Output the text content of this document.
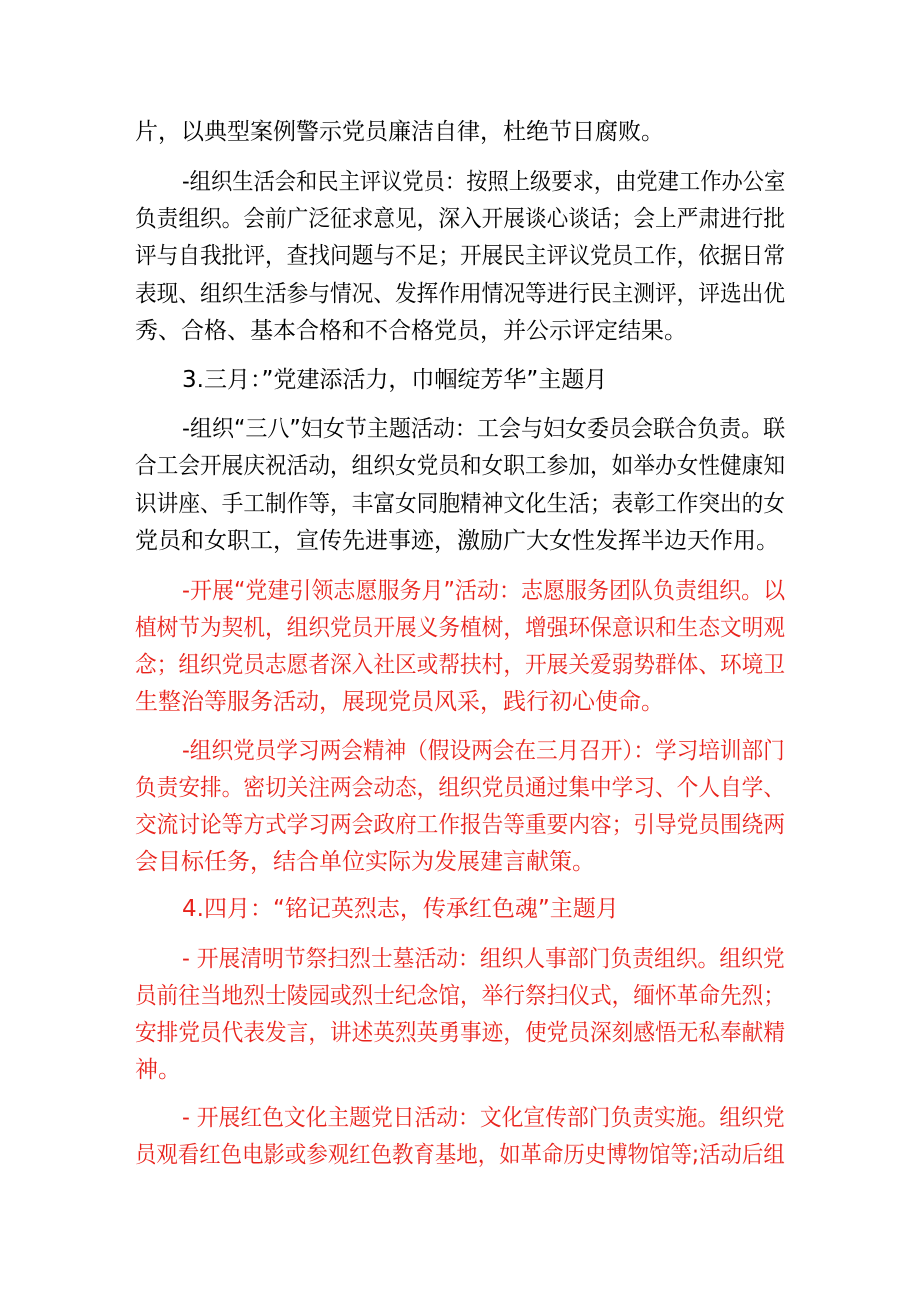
片，以典型案例警示党员廉洁自律，杜绝节日腐败。
-组织生活会和民主评议党员：按照上级要求，由党建工作办公室
负责组织。会前广泛征求意见，深入开展谈心谈话；会上严肃进行批
评与自我批评，查找问题与不足；开展民主评议党员工作，依据日常
表现、组织生活参与情况、发挥作用情况等进行民主测评，评选出优
秀、合格、基本合格和不合格党员，并公示评定结果。
3.三月：”党建添活力，巾帼绽芳华”主题月
-组织“三八”妇女节主题活动：工会与妇女委员会联合负责。联
合工会开展庆祝活动，组织女党员和女职工参加，如举办女性健康知
识讲座、手工制作等，丰富女同胞精神文化生活；表彰工作突出的女
党员和女职工，宣传先进事迹，激励广大女性发挥半边天作用。
-开展“党建引领志愿服务月”活动：志愿服务团队负责组织。以
植树节为契机，组织党员开展义务植树，增强环保意识和生态文明观
念；组织党员志愿者深入社区或帮扶村，开展关爱弱势群体、环境卫
生整治等服务活动，展现党员风采，践行初心使命。
-组织党员学习两会精神（假设两会在三月召开）：学习培训部门
负责安排。密切关注两会动态，组织党员通过集中学习、个人自学、
交流讨论等方式学习两会政府工作报告等重要内容；引导党员围绕两
会目标任务，结合单位实际为发展建言献策。
4.四月：“铭记英烈志，传承红色魂”主题月
- 开展清明节祭扫烈士墓活动：组织人事部门负责组织。组织党
员前往当地烈士陵园或烈士纪念馆，举行祭扫仪式，缅怀革命先烈；
安排党员代表发言，讲述英烈英勇事迹，使党员深刻感悟无私奉献精
神。
- 开展红色文化主题党日活动：文化宣传部门负责实施。组织党
员观看红色电影或参观红色教育基地，如革命历史博物馆等;活动后组
